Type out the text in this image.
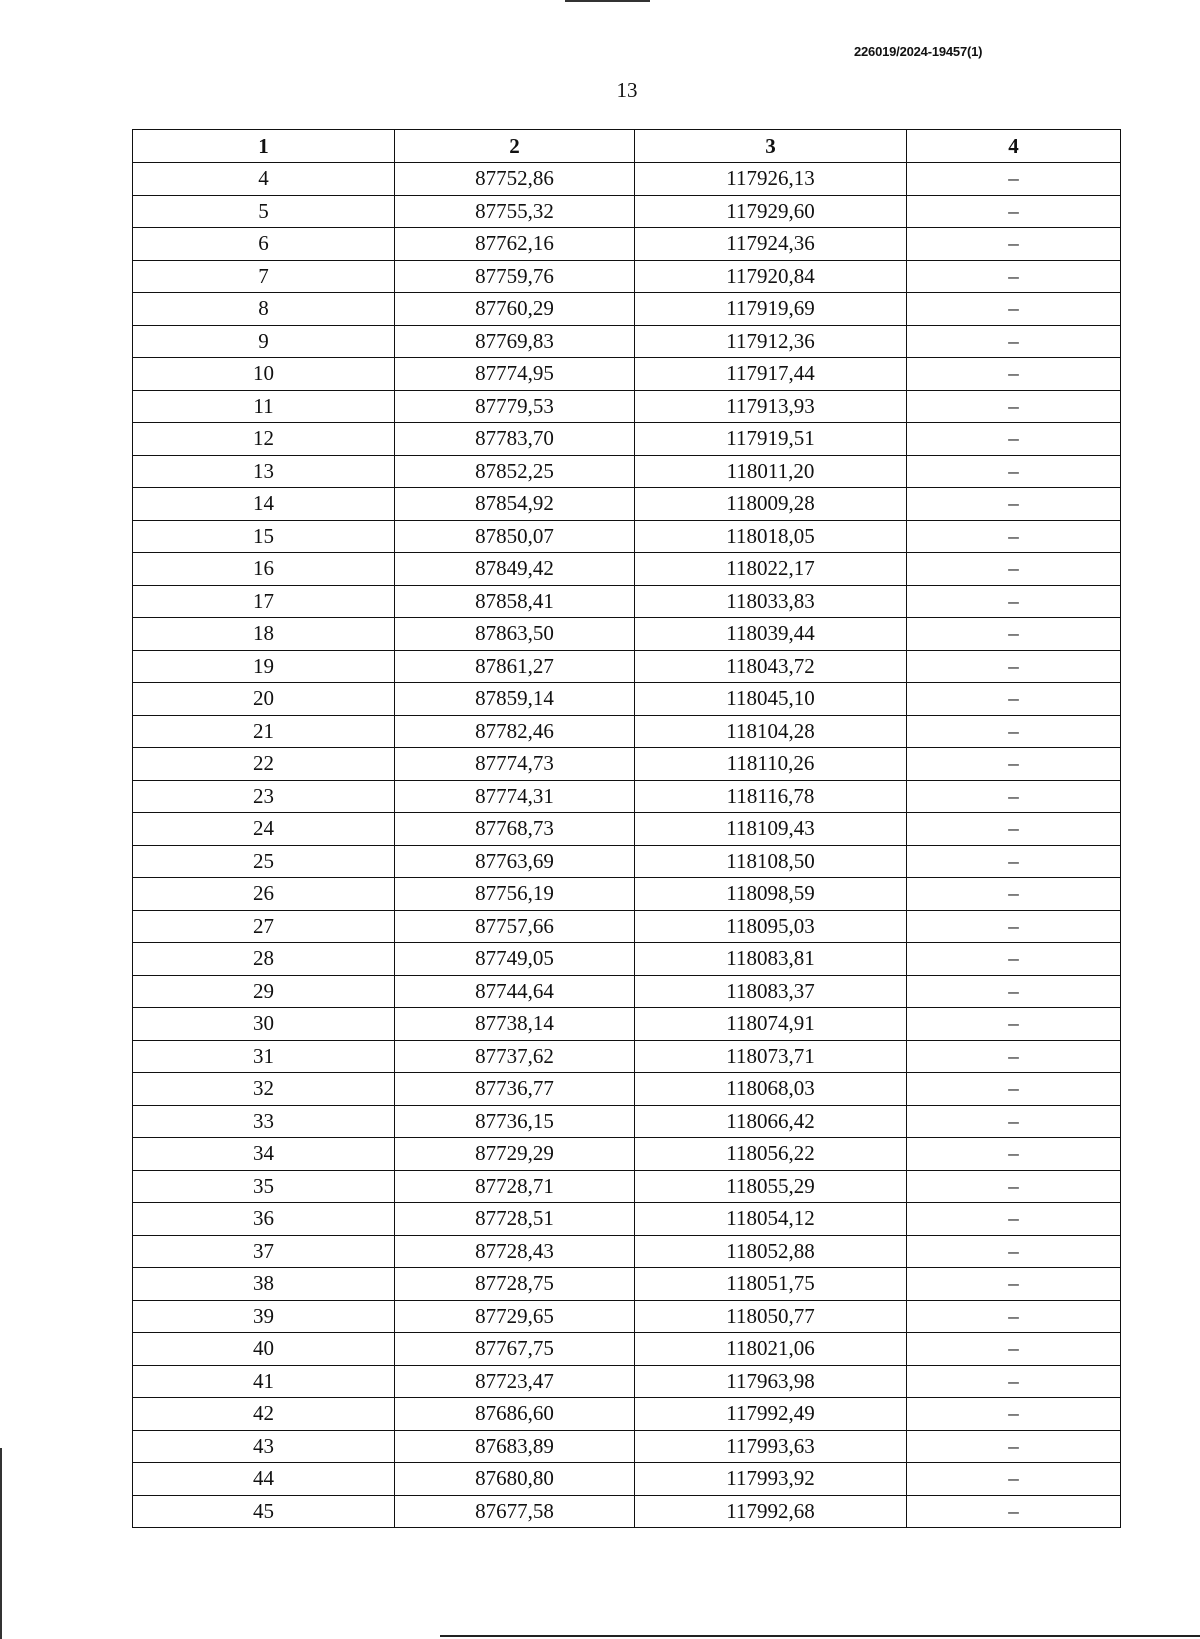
226019/2024-19457(1)
13
1	2	3	4
4	87752,86	117926,13	–
5	87755,32	117929,60	–
6	87762,16	117924,36	–
7	87759,76	117920,84	–
8	87760,29	117919,69	–
9	87769,83	117912,36	–
10	87774,95	117917,44	–
11	87779,53	117913,93	–
12	87783,70	117919,51	–
13	87852,25	118011,20	–
14	87854,92	118009,28	–
15	87850,07	118018,05	–
16	87849,42	118022,17	–
17	87858,41	118033,83	–
18	87863,50	118039,44	–
19	87861,27	118043,72	–
20	87859,14	118045,10	–
21	87782,46	118104,28	–
22	87774,73	118110,26	–
23	87774,31	118116,78	–
24	87768,73	118109,43	–
25	87763,69	118108,50	–
26	87756,19	118098,59	–
27	87757,66	118095,03	–
28	87749,05	118083,81	–
29	87744,64	118083,37	–
30	87738,14	118074,91	–
31	87737,62	118073,71	–
32	87736,77	118068,03	–
33	87736,15	118066,42	–
34	87729,29	118056,22	–
35	87728,71	118055,29	–
36	87728,51	118054,12	–
37	87728,43	118052,88	–
38	87728,75	118051,75	–
39	87729,65	118050,77	–
40	87767,75	118021,06	–
41	87723,47	117963,98	–
42	87686,60	117992,49	–
43	87683,89	117993,63	–
44	87680,80	117993,92	–
45	87677,58	117992,68	–
